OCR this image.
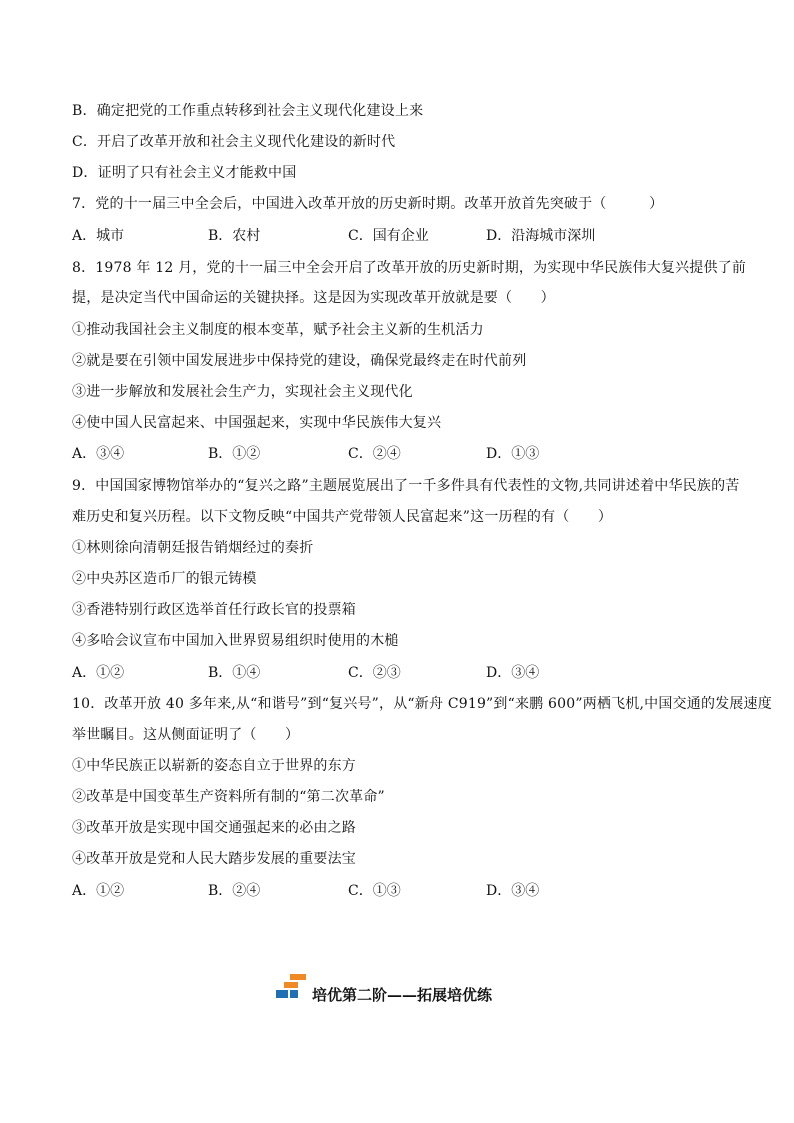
B．确定把党的工作重点转移到社会主义现代化建设上来
C．开启了改革开放和社会主义现代化建设的新时代
D．证明了只有社会主义才能救中国
7．党的十一届三中全会后，中国进入改革开放的历史新时期。改革开放首先突破于（　　　）
A．城市	B．农村	C．国有企业	D．沿海城市深圳
8．1978 年 12 月，党的十一届三中全会开启了改革开放的历史新时期，为实现中华民族伟大复兴提供了前
提，是决定当代中国命运的关键抉择。这是因为实现改革开放就是要（　　）
①推动我国社会主义制度的根本变革，赋予社会主义新的生机活力
②就是要在引领中国发展进步中保持党的建设，确保党最终走在时代前列
③进一步解放和发展社会生产力，实现社会主义现代化
④使中国人民富起来、中国强起来，实现中华民族伟大复兴
A．③④	B．①②	C．②④	D．①③
9．中国国家博物馆举办的“复兴之路”主题展览展出了一千多件具有代表性的文物,共同讲述着中华民族的苦
难历史和复兴历程。以下文物反映“中国共产党带领人民富起来”这一历程的有（　　）
①林则徐向清朝廷报告销烟经过的奏折
②中央苏区造币厂的银元铸模
③香港特别行政区选举首任行政长官的投票箱
④多哈会议宣布中国加入世界贸易组织时使用的木槌
A．①②	B．①④	C．②③	D．③④
10．改革开放 40 多年来,从“和谐号”到“复兴号”，从“新舟 C919”到“来鹏 600”两栖飞机,中国交通的发展速度
举世瞩目。这从侧面证明了（　　）
①中华民族正以崭新的姿态自立于世界的东方
②改革是中国变革生产资料所有制的“第二次革命”
③改革开放是实现中国交通强起来的必由之路
④改革开放是党和人民大踏步发展的重要法宝
A．①②	B．②④	C．①③	D．③④
培优第二阶——拓展培优练
